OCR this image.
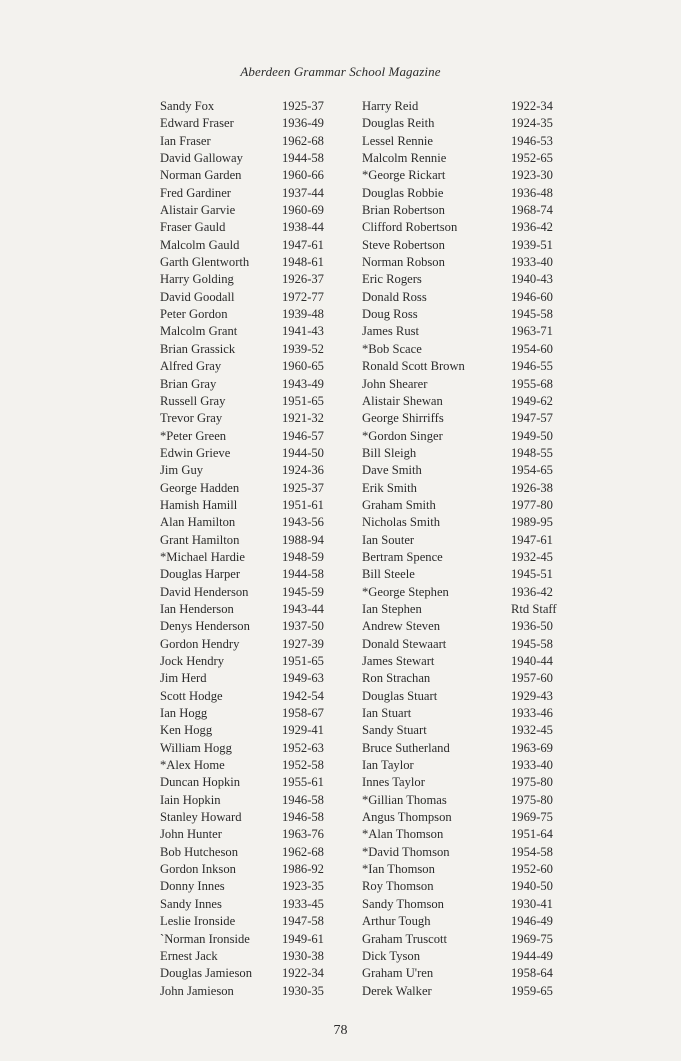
Aberdeen Grammar School Magazine
Sandy Fox	1925-37
Edward Fraser	1936-49
Ian Fraser	1962-68
David Galloway	1944-58
Norman Garden	1960-66
Fred Gardiner	1937-44
Alistair Garvie	1960-69
Fraser Gauld	1938-44
Malcolm Gauld	1947-61
Garth Glentworth	1948-61
Harry Golding	1926-37
David Goodall	1972-77
Peter Gordon	1939-48
Malcolm Grant	1941-43
Brian Grassick	1939-52
Alfred Gray	1960-65
Brian Gray	1943-49
Russell Gray	1951-65
Trevor Gray	1921-32
*Peter Green	1946-57
Edwin Grieve	1944-50
Jim Guy	1924-36
George Hadden	1925-37
Hamish Hamill	1951-61
Alan Hamilton	1943-56
Grant Hamilton	1988-94
*Michael Hardie	1948-59
Douglas Harper	1944-58
David Henderson	1945-59
Ian Henderson	1943-44
Denys Henderson	1937-50
Gordon Hendry	1927-39
Jock Hendry	1951-65
Jim Herd	1949-63
Scott Hodge	1942-54
Ian Hogg	1958-67
Ken Hogg	1929-41
William Hogg	1952-63
*Alex Home	1952-58
Duncan Hopkin	1955-61
Iain Hopkin	1946-58
Stanley Howard	1946-58
John Hunter	1963-76
Bob Hutcheson	1962-68
Gordon Inkson	1986-92
Donny Innes	1923-35
Sandy Innes	1933-45
Leslie Ironside	1947-58
`Norman Ironside	1949-61
Ernest Jack	1930-38
Douglas Jamieson	1922-34
John Jamieson	1930-35
Harry Reid	1922-34
Douglas Reith	1924-35
Lessel Rennie	1946-53
Malcolm Rennie	1952-65
*George Rickart	1923-30
Douglas Robbie	1936-48
Brian Robertson	1968-74
Clifford Robertson	1936-42
Steve Robertson	1939-51
Norman Robson	1933-40
Eric Rogers	1940-43
Donald Ross	1946-60
Doug Ross	1945-58
James Rust	1963-71
*Bob Scace	1954-60
Ronald Scott Brown	1946-55
John Shearer	1955-68
Alistair Shewan	1949-62
George Shirriffs	1947-57
*Gordon Singer	1949-50
Bill Sleigh	1948-55
Dave Smith	1954-65
Erik Smith	1926-38
Graham Smith	1977-80
Nicholas Smith	1989-95
Ian Souter	1947-61
Bertram Spence	1932-45
Bill Steele	1945-51
*George Stephen	1936-42
Ian Stephen	Rtd Staff
Andrew Steven	1936-50
Donald Stewaart	1945-58
James Stewart	1940-44
Ron Strachan	1957-60
Douglas Stuart	1929-43
Ian Stuart	1933-46
Sandy Stuart	1932-45
Bruce Sutherland	1963-69
Ian Taylor	1933-40
Innes Taylor	1975-80
*Gillian Thomas	1975-80
Angus Thompson	1969-75
*Alan Thomson	1951-64
*David Thomson	1954-58
*Ian Thomson	1952-60
Roy Thomson	1940-50
Sandy Thomson	1930-41
Arthur Tough	1946-49
Graham Truscott	1969-75
Dick Tyson	1944-49
Graham U'ren	1958-64
Derek Walker	1959-65
78
